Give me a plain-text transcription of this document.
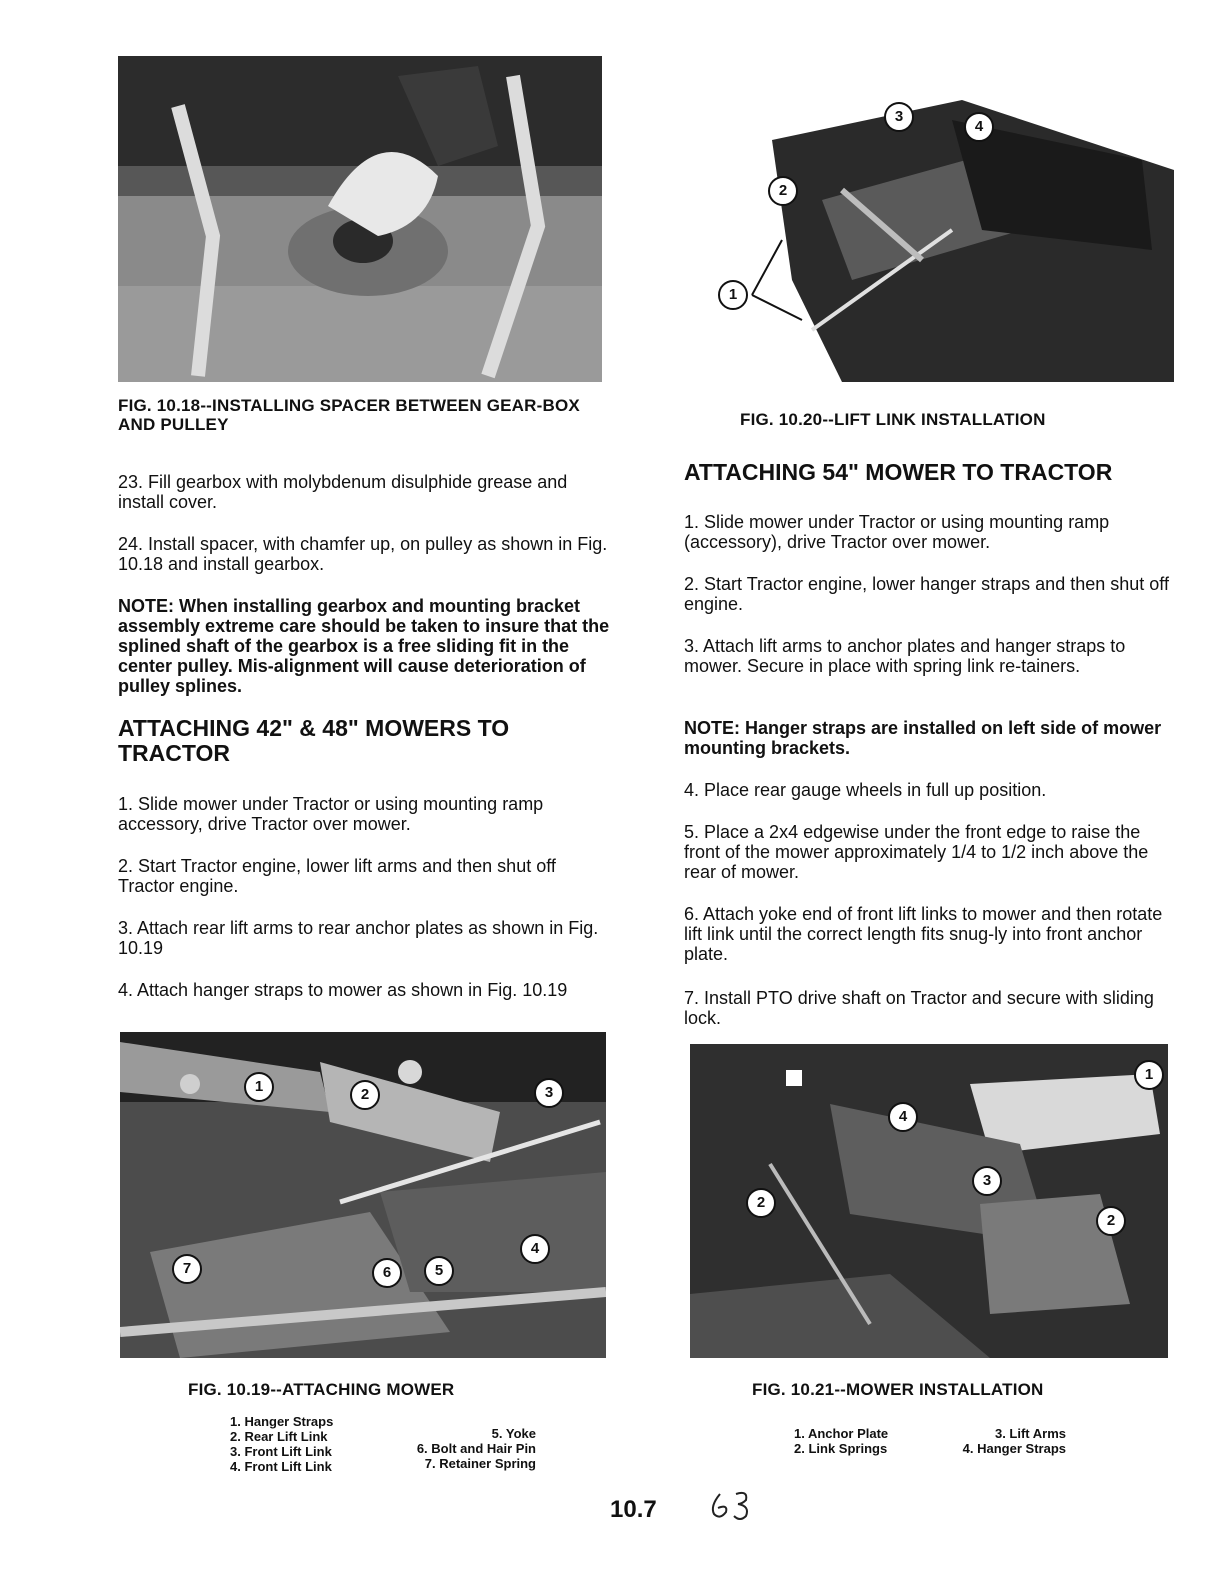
FIG. 10.18--INSTALLING SPACER BETWEEN GEAR-BOX AND PULLEY
1
2
3
4
FIG. 10.20--LIFT LINK INSTALLATION

23. Fill gearbox with molybdenum disulphide grease and install cover.

24. Install spacer, with chamfer up, on pulley as shown in Fig. 10.18 and install gearbox.

NOTE: When installing gearbox and mounting bracket assembly extreme care should be taken to insure that the splined shaft of the gearbox is a free sliding fit in the center pulley. Mis-alignment will cause deterioration of pulley splines.

ATTACHING 42" & 48" MOWERS TO TRACTOR

1. Slide mower under Tractor or using mounting ramp accessory, drive Tractor over mower.

2. Start Tractor engine, lower lift arms and then shut off Tractor engine.

3. Attach rear lift arms to rear anchor plates as shown in Fig. 10.19

4. Attach hanger straps to mower as shown in Fig. 10.19

ATTACHING 54" MOWER TO TRACTOR

1. Slide mower under Tractor or using mounting ramp (accessory), drive Tractor over mower.

2. Start Tractor engine, lower hanger straps and then shut off engine.

3. Attach lift arms to anchor plates and hanger straps to mower. Secure in place with spring link re-tainers.

NOTE: Hanger straps are installed on left side of mower mounting brackets.

4. Place rear gauge wheels in full up position.

5. Place a 2x4 edgewise under the front edge to raise the front of the mower approximately 1/4 to 1/2 inch above the rear of mower.

6. Attach yoke end of front lift links to mower and then rotate lift link until the correct length fits snug-ly into front anchor plate.

7. Install PTO drive shaft on Tractor and secure with sliding lock.

1	2	3
4
5
6
7
FIG. 10.19--ATTACHING MOWER
1. Hanger Straps
2. Rear Lift Link
3. Front Lift Link
4. Front Lift Link
5. Yoke
6. Bolt and Hair Pin
7. Retainer Spring
1
2
2
3
4
FIG. 10.21--MOWER INSTALLATION
1. Anchor Plate
2. Link Springs
3. Lift Arms
4. Hanger Straps
10.7
